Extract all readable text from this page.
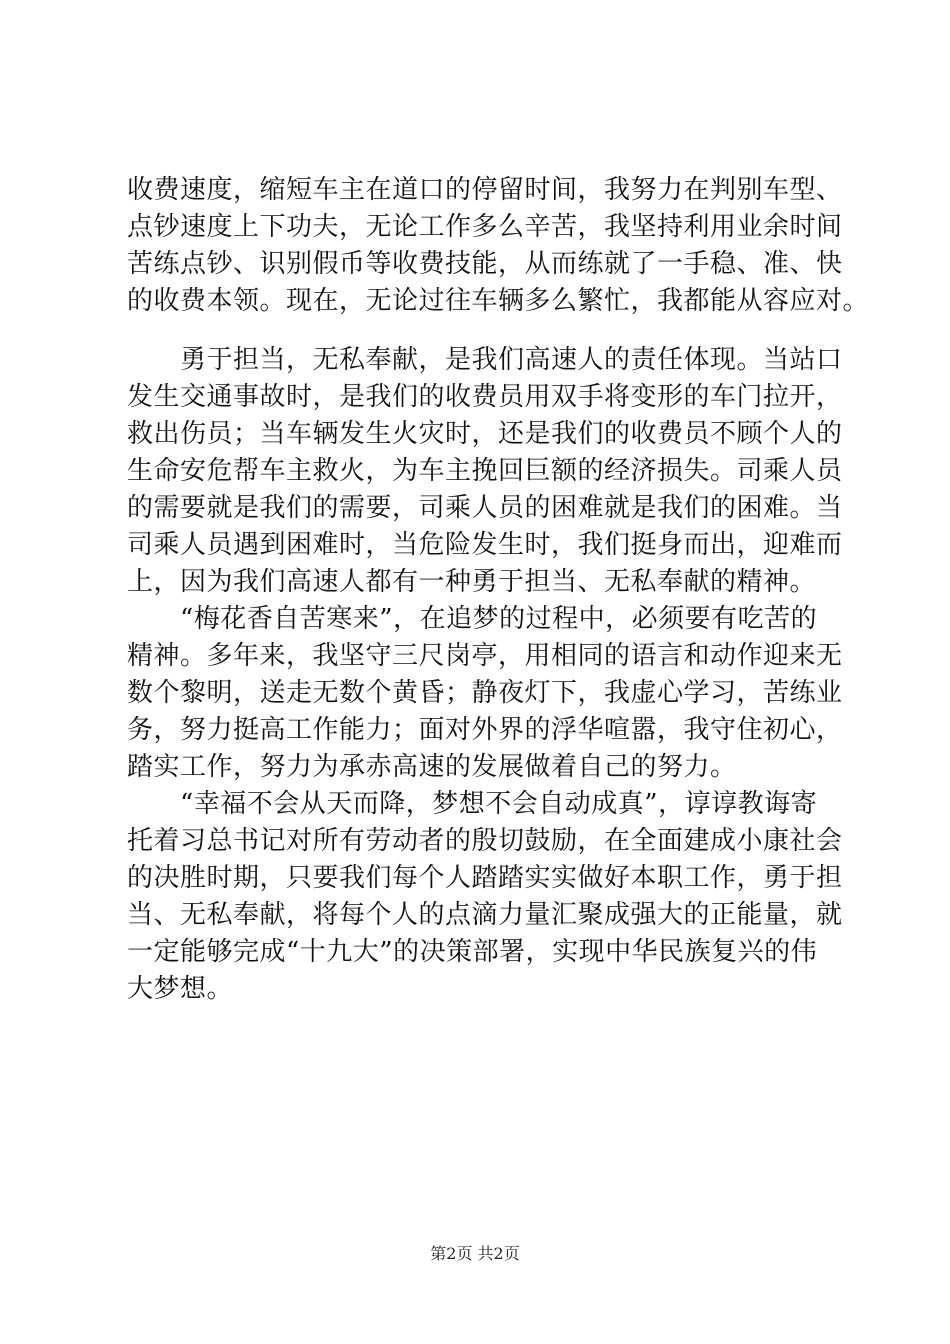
收费速度，缩短车主在道口的停留时间，我努力在判别车型、
点钞速度上下功夫，无论工作多么辛苦，我坚持利用业余时间
苦练点钞、识别假币等收费技能，从而练就了一手稳、准、快
的收费本领。现在，无论过往车辆多么繁忙，我都能从容应对。
　　勇于担当，无私奉献，是我们高速人的责任体现。当站口
发生交通事故时，是我们的收费员用双手将变形的车门拉开，
救出伤员；当车辆发生火灾时，还是我们的收费员不顾个人的
生命安危帮车主救火，为车主挽回巨额的经济损失。司乘人员
的需要就是我们的需要，司乘人员的困难就是我们的困难。当
司乘人员遇到困难时，当危险发生时，我们挺身而出，迎难而
上，因为我们高速人都有一种勇于担当、无私奉献的精神。
　　“梅花香自苦寒来”，在追梦的过程中，必须要有吃苦的
精神。多年来，我坚守三尺岗亭，用相同的语言和动作迎来无
数个黎明，送走无数个黄昏；静夜灯下，我虚心学习，苦练业
务，努力挺高工作能力；面对外界的浮华喧嚣，我守住初心，
踏实工作，努力为承赤高速的发展做着自己的努力。
　　“幸福不会从天而降，梦想不会自动成真”，谆谆教诲寄
托着习总书记对所有劳动者的殷切鼓励，在全面建成小康社会
的决胜时期，只要我们每个人踏踏实实做好本职工作，勇于担
当、无私奉献，将每个人的点滴力量汇聚成强大的正能量，就
一定能够完成“十九大”的决策部署，实现中华民族复兴的伟
大梦想。
第2页 共2页
